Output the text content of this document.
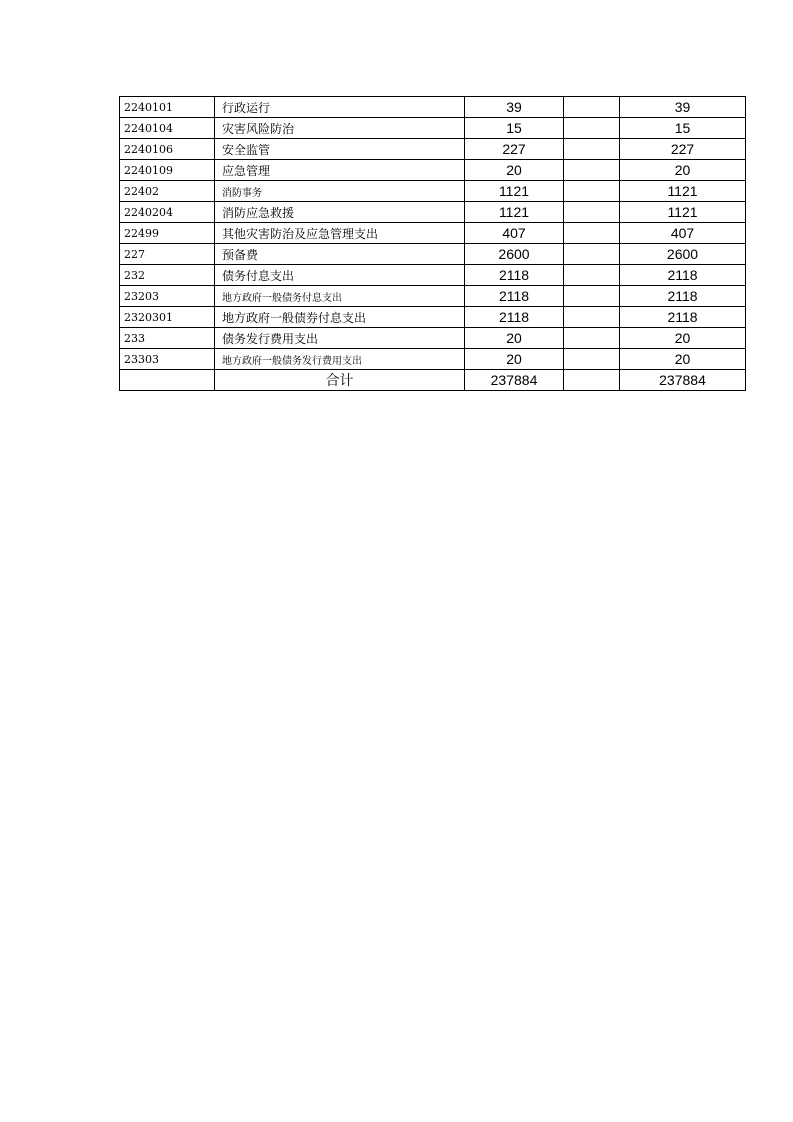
2240101	行政运行	39		39
2240104	灾害风险防治	15		15
2240106	安全监管	227		227
2240109	应急管理	20		20
22402	消防事务	1121		1121
2240204	消防应急救援	1121		1121
22499	其他灾害防治及应急管理支出	407		407
227	预备费	2600		2600
232	债务付息支出	2118		2118
23203	地方政府一般债务付息支出	2118		2118
2320301	地方政府一般债券付息支出	2118		2118
233	债务发行费用支出	20		20
23303	地方政府一般债务发行费用支出	20		20
	合计	237884		237884
